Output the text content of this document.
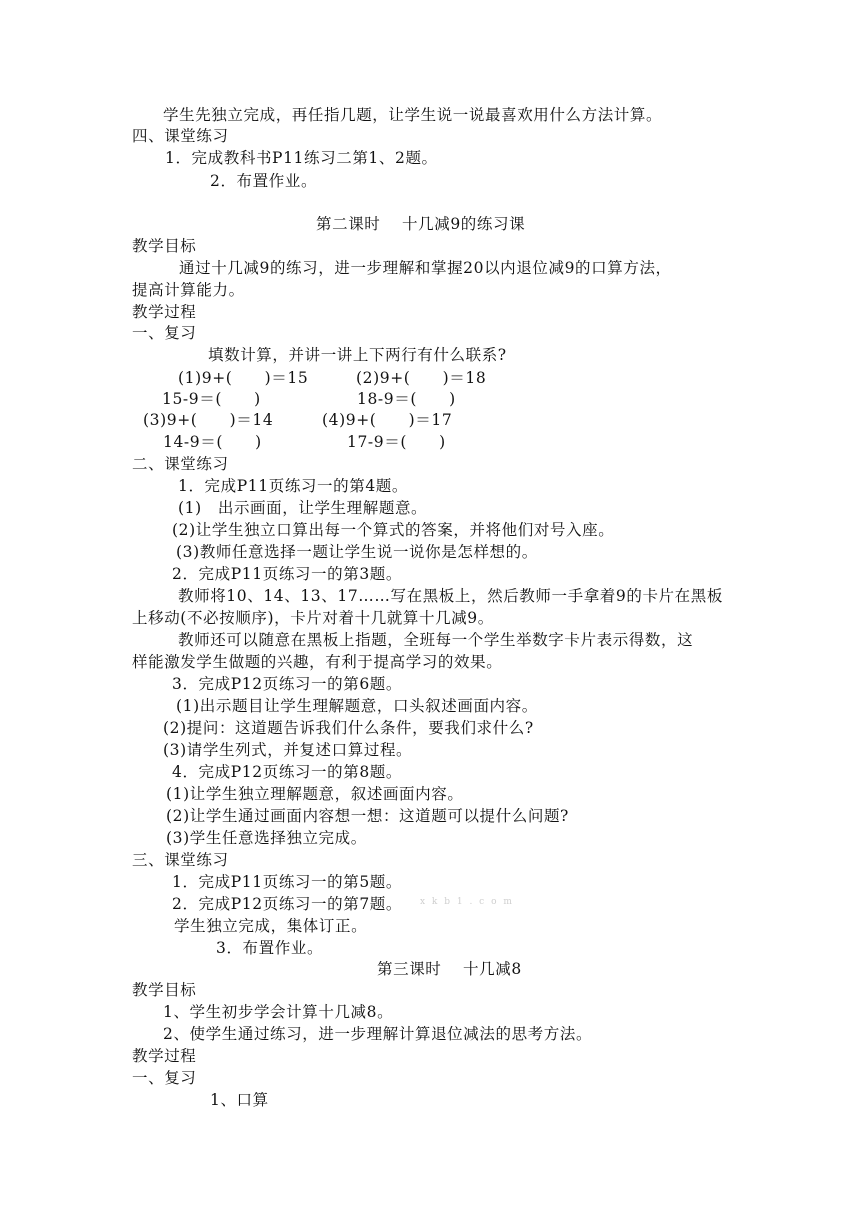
学生先独立完成，再任指几题，让学生说一说最喜欢用什么方法计算。
四、课堂练习
1．完成教科书P11练习二第1、2题。
2．布置作业。
第二课时　 十几减9的练习课
教学目标
通过十几减9的练习，进一步理解和掌握20以内退位减9的口算方法，
提高计算能力。
教学过程
一、复习
填数计算，并讲一讲上下两行有什么联系?
(1)9+(　　)＝15	(2)9+(　　)＝18
15-9＝(　　)	18-9＝(　　)
(3)9+(　　)＝14	(4)9+(　　)＝17
14-9＝(　　)	17-9＝(　　)
二、课堂练习
1．完成P11页练习一的第4题。
(1)　出示画面，让学生理解题意。
(2)让学生独立口算出每一个算式的答案，并将他们对号入座。
(3)教师任意选择一题让学生说一说你是怎样想的。
2．完成P11页练习一的第3题。
教师将10、14、13、17……写在黑板上，然后教师一手拿着9的卡片在黑板
上移动(不必按顺序)，卡片对着十几就算十几减9。
教师还可以随意在黑板上指题，全班每一个学生举数字卡片表示得数，这
样能激发学生做题的兴趣，有利于提高学习的效果。
3．完成P12页练习一的第6题。
(1)出示题目让学生理解题意，口头叙述画面内容。
(2)提问：这道题告诉我们什么条件，要我们求什么?
(3)请学生列式，并复述口算过程。
4．完成P12页练习一的第8题。
(1)让学生独立理解题意，叙述画面内容。
(2)让学生通过画面内容想一想：这道题可以提什么问题?
(3)学生任意选择独立完成。
三、课堂练习
1．完成P11页练习一的第5题。
2．完成P12页练习一的第7题。 x k b 1 . c o m
学生独立完成，集体订正。
3．布置作业。
第三课时　 十几减8
教学目标
1、学生初步学会计算十几减8。
2、使学生通过练习，进一步理解计算退位减法的思考方法。
教学过程
一、复习
1、口算
